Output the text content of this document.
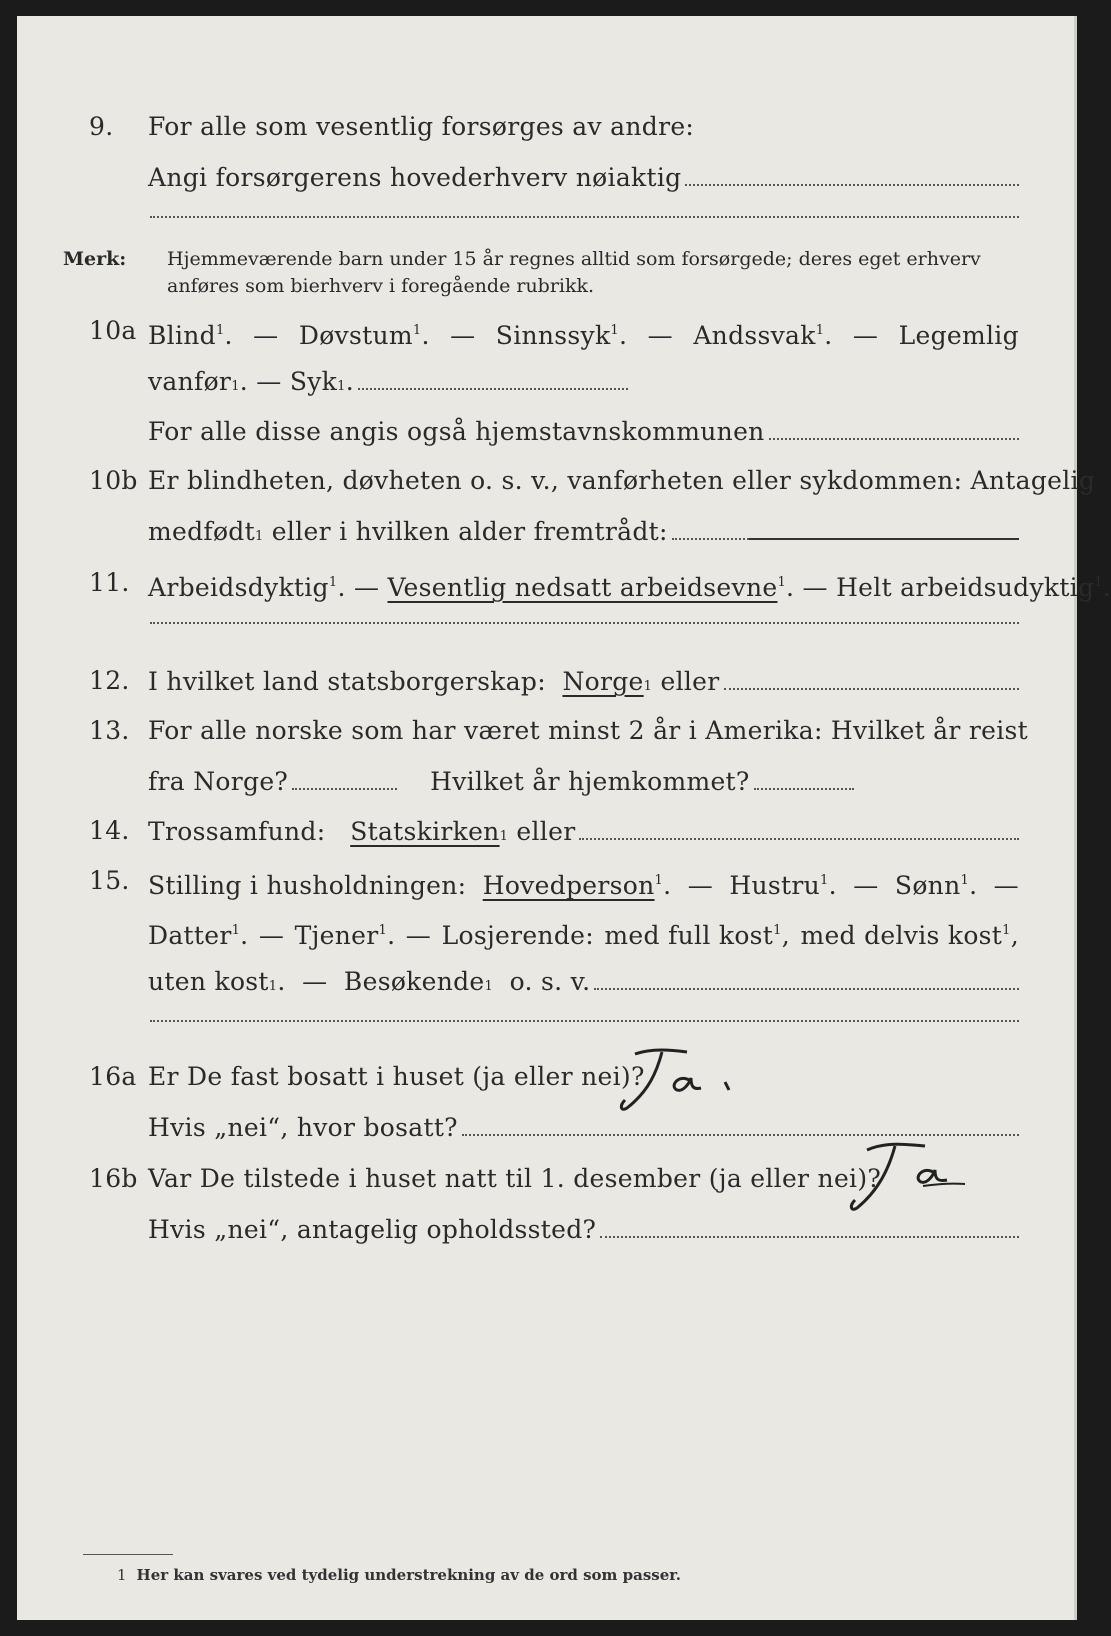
9. For alle som vesentlig forsørges av andre:
Angi forsørgerens hovederhverv nøiaktig
Merk: Hjemmeværende barn under 15 år regnes alltid som forsørgede; deres eget erhverv anføres som bierhverv i foregående rubrikk.
10a Blind$^1$. — Døvstum$^1$. — Sinnssyk$^1$. — Andssvak$^1$. — Legemlig
vanfør$_1$ . —
Syk$_1$ .
For alle disse angis også hjemstavnskommunen
10b Er blindheten, døvheten o. s. v., vanførheten eller sykdommen: Antagelig
medfødt$_1$
eller i hvilken alder fremtrådt:
11. Arbeidsdyktig$^1$. — Vesentlig nedsatt arbeidsevne$^1$. — Helt arbeidsudyktig$^1$.
12. I hvilket land statsborgerskap:
Norge$_1$
eller
13. For alle norske som har været minst 2 år i Amerika: Hvilket år reist
fra Norge?
	Hvilket år hjemkommet?
14. Trossamfund:
Statskirken$_1$
eller
15. Stilling i husholdningen: Hovedperson$^1$. — Hustru$^1$. — Sønn$^1$. —
Datter$^1$. — Tjener$^1$. — Losjerende: med full kost$^1$, med delvis kost$^1$,
uten kost$_1$ . —
Besøkende$_1$
o. s. v.
16a Er De fast bosatt i huset (ja eller nei)?
Hvis „nei“, hvor bosatt?
16b Var De tilstede i huset natt til 1. desember (ja eller nei)?
Hvis „nei“, antagelig opholdssted?
1 Her kan svares ved tydelig understrekning av de ord som passer.
